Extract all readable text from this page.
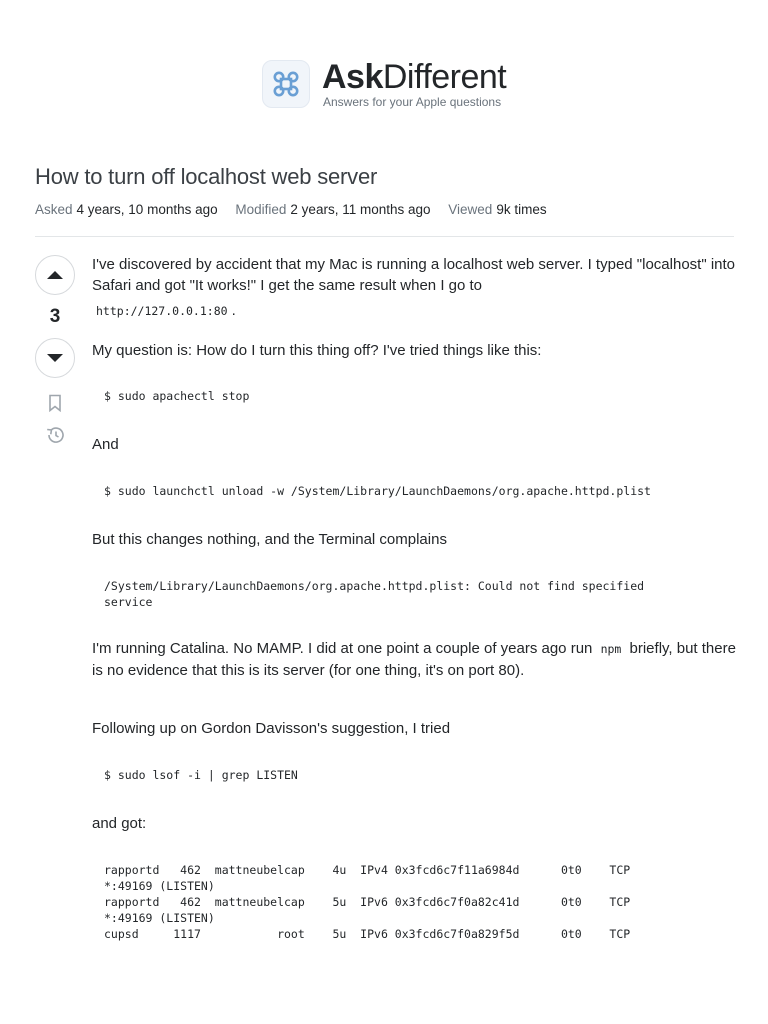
AskDifferent
Answers for your Apple questions
How to turn off localhost web server
Asked 4 years, 10 months ago Modified 2 years, 11 months ago Viewed 9k times
3

I've discovered by accident that my Mac is running a localhost web server. I typed "localhost" into Safari and got "It works!" I get the same result when I go to

http://127.0.0.1:80 .

My question is: How do I turn this thing off? I've tried things like this:

$ sudo apachectl stop

And

$ sudo launchctl unload -w /System/Library/LaunchDaemons/org.apache.httpd.plist

But this changes nothing, and the Terminal complains

/System/Library/LaunchDaemons/org.apache.httpd.plist: Could not find specified
service

I'm running Catalina. No MAMP. I did at one point a couple of years ago run npm briefly, but there is no evidence that this is its server (for one thing, it's on port 80).

Following up on Gordon Davisson's suggestion, I tried

$ sudo lsof -i | grep LISTEN

and got:

rapportd   462  mattneubelcap    4u  IPv4 0x3fcd6c7f11a6984d      0t0    TCP
*:49169 (LISTEN)
rapportd   462  mattneubelcap    5u  IPv6 0x3fcd6c7f0a82c41d      0t0    TCP
*:49169 (LISTEN)
cupsd     1117           root    5u  IPv6 0x3fcd6c7f0a829f5d      0t0    TCP
